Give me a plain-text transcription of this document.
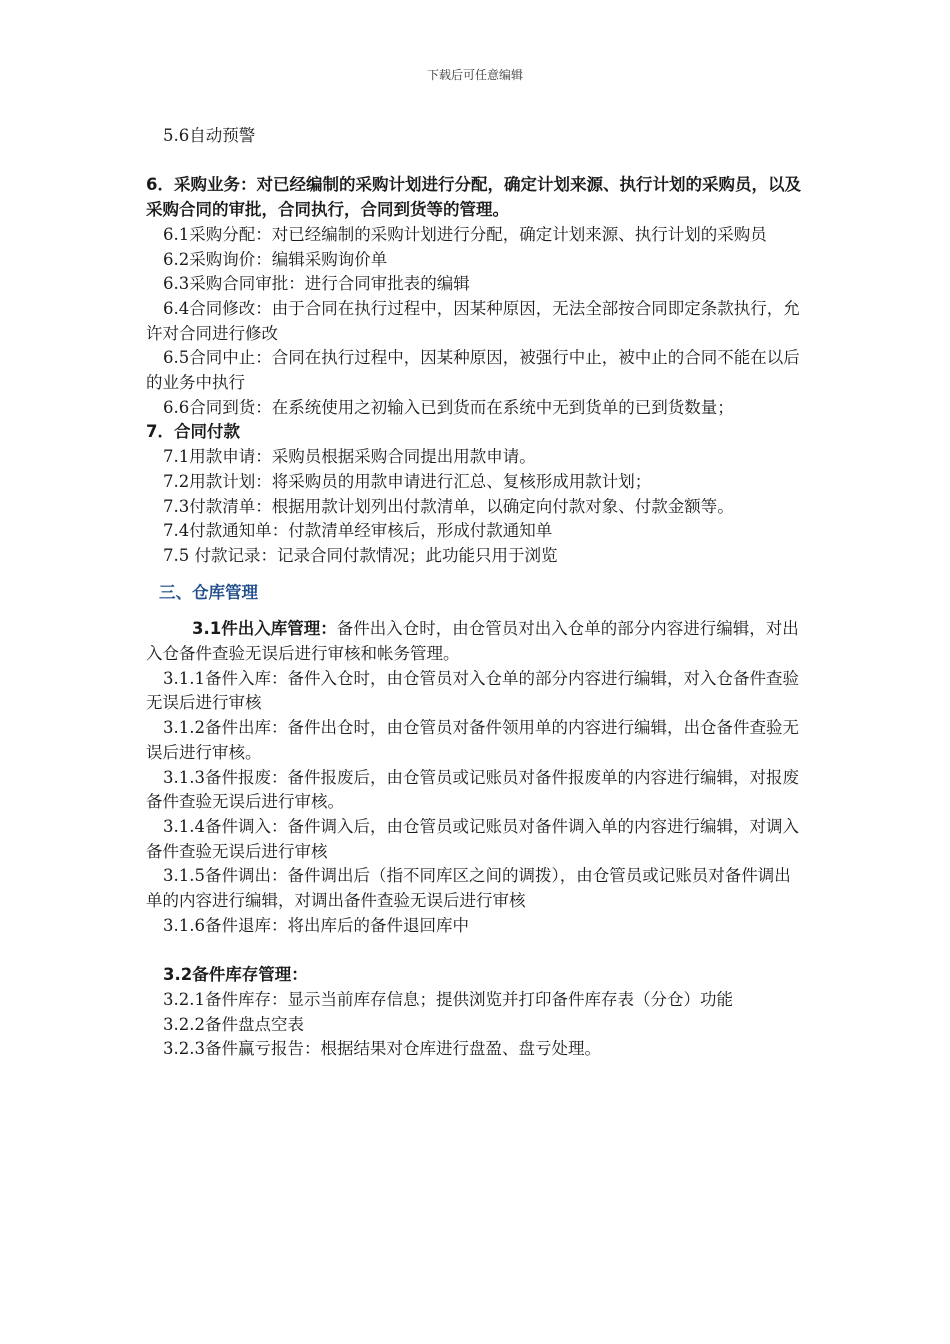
下载后可任意编辑

5.6自动预警

6．采购业务：对已经编制的采购计划进行分配，确定计划来源、执行计划的采购员，以及采购合同的审批，合同执行，合同到货等的管理。

6.1采购分配：对已经编制的采购计划进行分配，确定计划来源、执行计划的采购员

6.2采购询价：编辑采购询价单

6.3采购合同审批：进行合同审批表的编辑

6.4合同修改：由于合同在执行过程中，因某种原因，无法全部按合同即定条款执行，允许对合同进行修改

6.5合同中止：合同在执行过程中，因某种原因，被强行中止，被中止的合同不能在以后的业务中执行

6.6合同到货：在系统使用之初输入已到货而在系统中无到货单的已到货数量；

7．合同付款

7.1用款申请：采购员根据采购合同提出用款申请。

7.2用款计划：将采购员的用款申请进行汇总、复核形成用款计划；

7.3付款清单：根据用款计划列出付款清单，以确定向付款对象、付款金额等。

7.4付款通知单：付款清单经审核后，形成付款通知单

7.5 付款记录：记录合同付款情况；此功能只用于浏览

三、仓库管理

3.1件出入库管理：备件出入仓时，由仓管员对出入仓单的部分内容进行编辑，对出入仓备件查验无误后进行审核和帐务管理。

3.1.1备件入库：备件入仓时，由仓管员对入仓单的部分内容进行编辑，对入仓备件查验无误后进行审核

3.1.2备件出库：备件出仓时，由仓管员对备件领用单的内容进行编辑，出仓备件查验无误后进行审核。

3.1.3备件报废：备件报废后，由仓管员或记账员对备件报废单的内容进行编辑，对报废备件查验无误后进行审核。

3.1.4备件调入：备件调入后，由仓管员或记账员对备件调入单的内容进行编辑，对调入备件查验无误后进行审核

3.1.5备件调出：备件调出后（指不同库区之间的调拨），由仓管员或记账员对备件调出单的内容进行编辑，对调出备件查验无误后进行审核

3.1.6备件退库：将出库后的备件退回库中

3.2备件库存管理：

3.2.1备件库存：显示当前库存信息；提供浏览并打印备件库存表（分仓）功能

3.2.2备件盘点空表

3.2.3备件赢亏报告：根据结果对仓库进行盘盈、盘亏处理。
